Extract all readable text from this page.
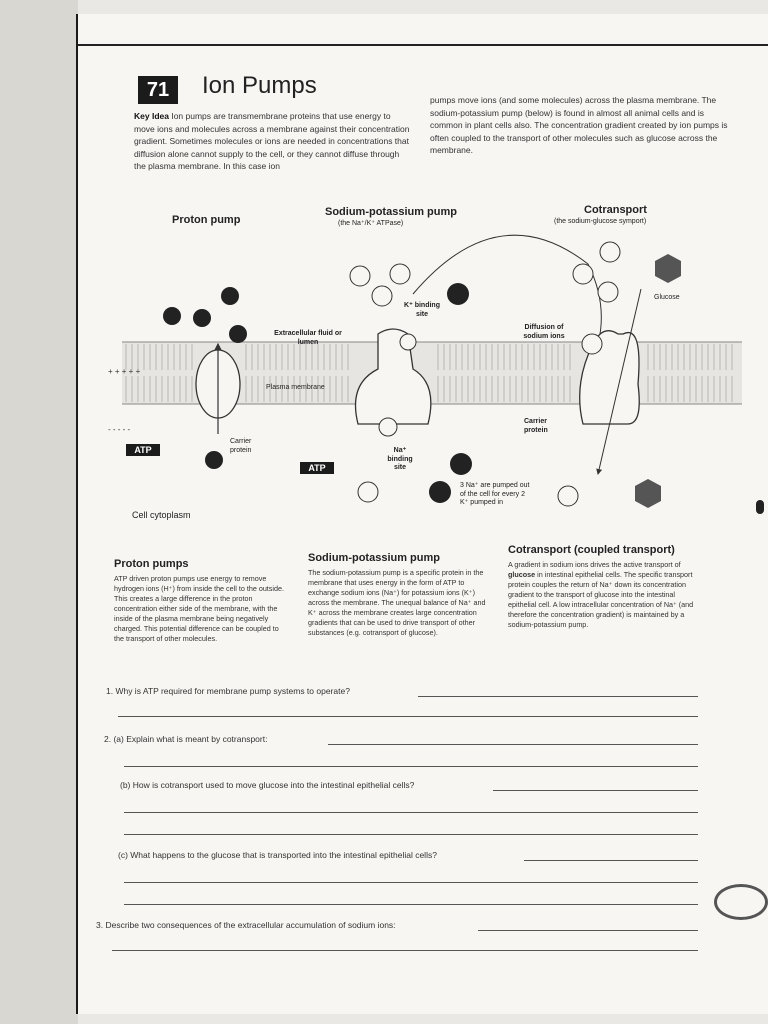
71	Ion Pumps
Key Idea Ion pumps are transmembrane proteins that use energy to move ions and molecules across a membrane against their concentration gradient. Sometimes molecules or ions are needed in concentrations that diffusion alone cannot supply to the cell, or they cannot diffuse through the plasma membrane. In this case ion
pumps move ions (and some molecules) across the plasma membrane. The sodium-potassium pump (below) is found in almost all animal cells and is common in plant cells also. The concentration gradient created by ion pumps is often coupled to the transport of other molecules such as glucose across the membrane.
ATP
ATP
+ + + + +
- - - - -
Proton pump
Sodium-potassium pump
(the Na⁺/K⁺ ATPase)
Cotransport
(the sodium-glucose symport)
Extracellular fluid or lumen
Plasma membrane
Carrier protein
Carrier protein
K⁺ binding site
Na⁺ binding site
Diffusion of sodium ions
Glucose
3 Na⁺ are pumped out of the cell for every 2 K⁺ pumped in
Cell cytoplasm
Proton pumps
ATP driven proton pumps use energy to remove hydrogen ions (H⁺) from inside the cell to the outside. This creates a large difference in the proton concentration either side of the membrane, with the inside of the plasma membrane being negatively charged. This potential difference can be coupled to the transport of other molecules.
Sodium-potassium pump
The sodium-potassium pump is a specific protein in the membrane that uses energy in the form of ATP to exchange sodium ions (Na⁺) for potassium ions (K⁺) across the membrane. The unequal balance of Na⁺ and K⁺ across the membrane creates large concentration gradients that can be used to drive transport of other substances (e.g. cotransport of glucose).
Cotransport (coupled transport)
A gradient in sodium ions drives the active transport of glucose in intestinal epithelial cells. The specific transport protein couples the return of Na⁺ down its concentration gradient to the transport of glucose into the intestinal epithelial cell. A low intracellular concentration of Na⁺ (and therefore the concentration gradient) is maintained by a sodium-potassium pump.
1. Why is ATP required for membrane pump systems to operate?
2. (a) Explain what is meant by cotransport:
(b) How is cotransport used to move glucose into the intestinal epithelial cells?
(c) What happens to the glucose that is transported into the intestinal epithelial cells?
3. Describe two consequences of the extracellular accumulation of sodium ions:
